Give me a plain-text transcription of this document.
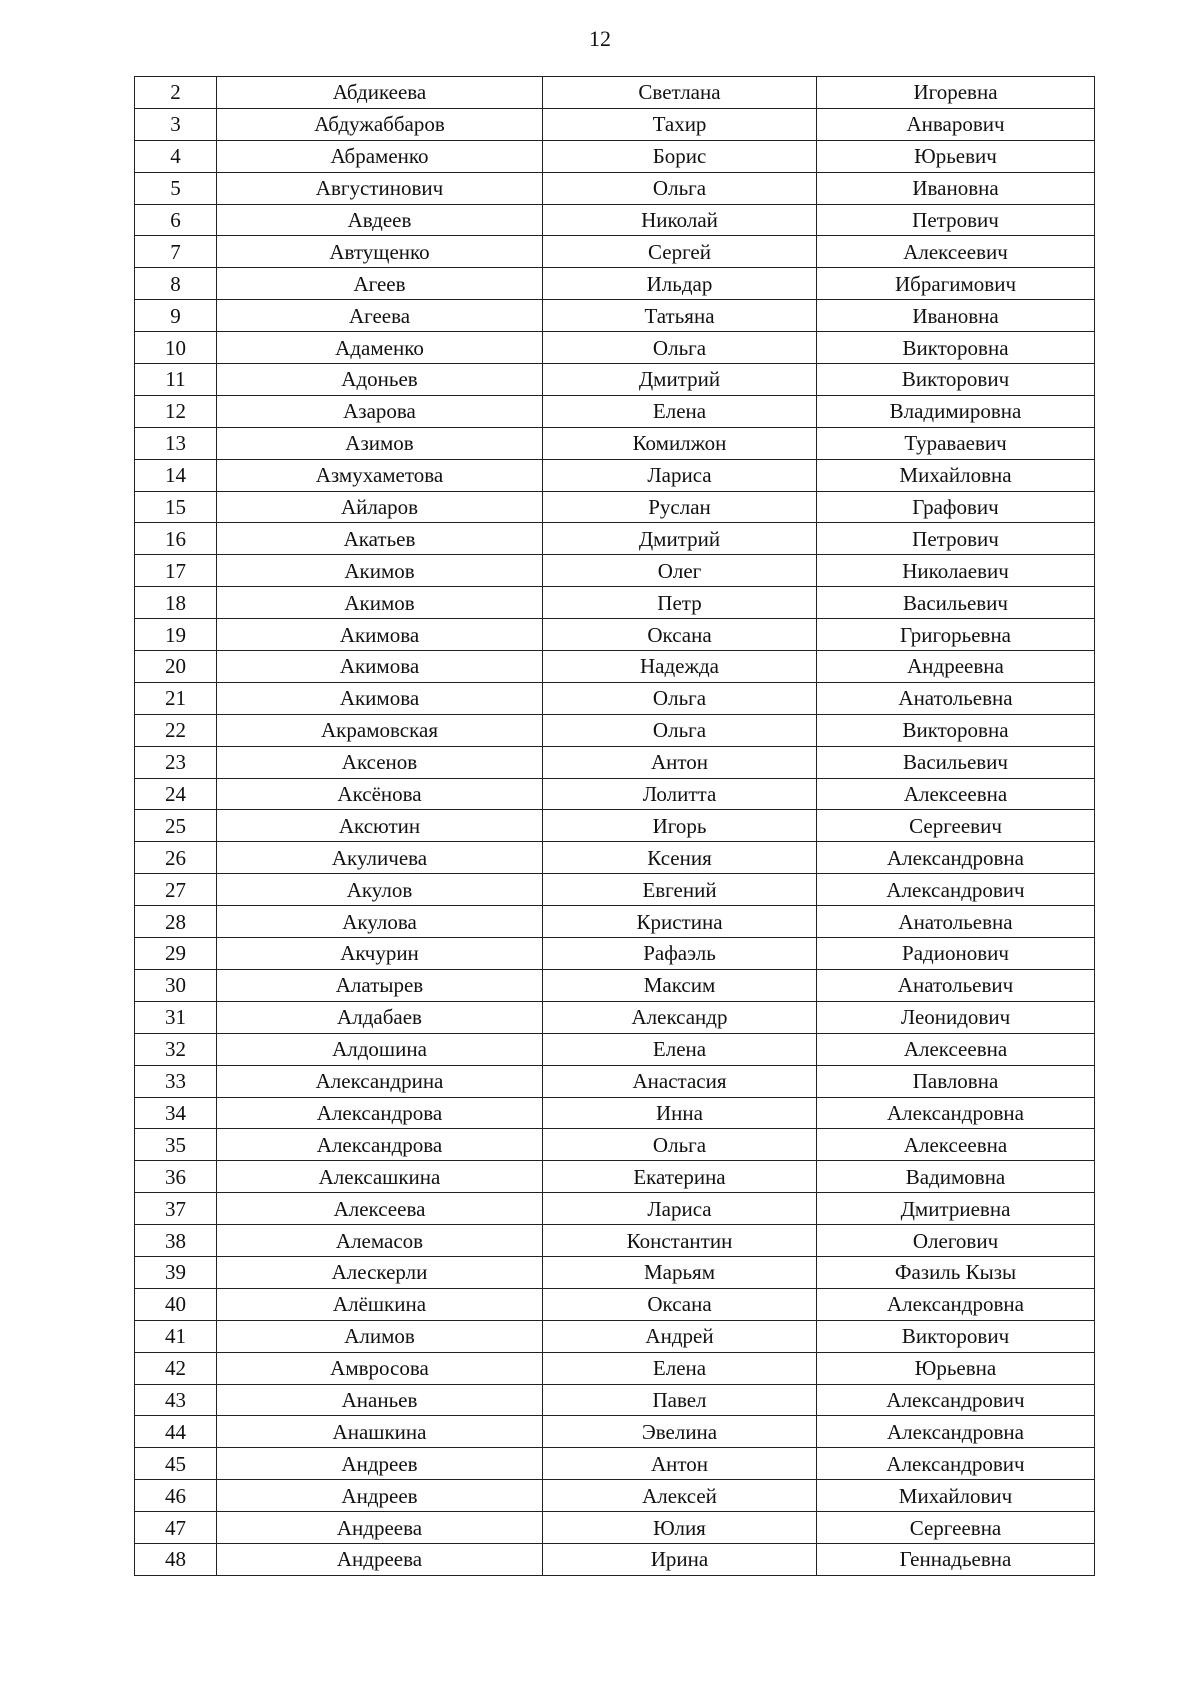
12
2	Абдикеева	Светлана	Игоревна
3	Абдужаббаров	Тахир	Анварович
4	Абраменко	Борис	Юрьевич
5	Августинович	Ольга	Ивановна
6	Авдеев	Николай	Петрович
7	Автущенко	Сергей	Алексеевич
8	Агеев	Ильдар	Ибрагимович
9	Агеева	Татьяна	Ивановна
10	Адаменко	Ольга	Викторовна
11	Адоньев	Дмитрий	Викторович
12	Азарова	Елена	Владимировна
13	Азимов	Комилжон	Туравaевич
14	Азмухаметова	Лариса	Михайловна
15	Айларов	Руслан	Графович
16	Акатьев	Дмитрий	Петрович
17	Акимов	Олег	Николаевич
18	Акимов	Петр	Васильевич
19	Акимова	Оксана	Григорьевна
20	Акимова	Надежда	Андреевна
21	Акимова	Ольга	Анатольевна
22	Акрамовская	Ольга	Викторовна
23	Аксенов	Антон	Васильевич
24	Аксёнова	Лолитта	Алексеевна
25	Аксютин	Игорь	Сергеевич
26	Акуличева	Ксения	Александровна
27	Акулов	Евгений	Александрович
28	Акулова	Кристина	Анатольевна
29	Акчурин	Рафаэль	Радионович
30	Алатырев	Максим	Анатольевич
31	Алдабаев	Александр	Леонидович
32	Алдошина	Елена	Алексеевна
33	Александрина	Анастасия	Павловна
34	Александрова	Инна	Александровна
35	Александрова	Ольга	Алексеевна
36	Алексашкина	Екатерина	Вадимовна
37	Алексеева	Лариса	Дмитриевна
38	Алемасов	Константин	Олегович
39	Алескерли	Марьям	Фазиль Кызы
40	Алёшкина	Оксана	Александровна
41	Алимов	Андрей	Викторович
42	Амвросова	Елена	Юрьевна
43	Ананьев	Павел	Александрович
44	Анашкина	Эвелина	Александровна
45	Андреев	Антон	Александрович
46	Андреев	Алексей	Михайлович
47	Андреева	Юлия	Сергеевна
48	Андреева	Ирина	Геннадьевна
